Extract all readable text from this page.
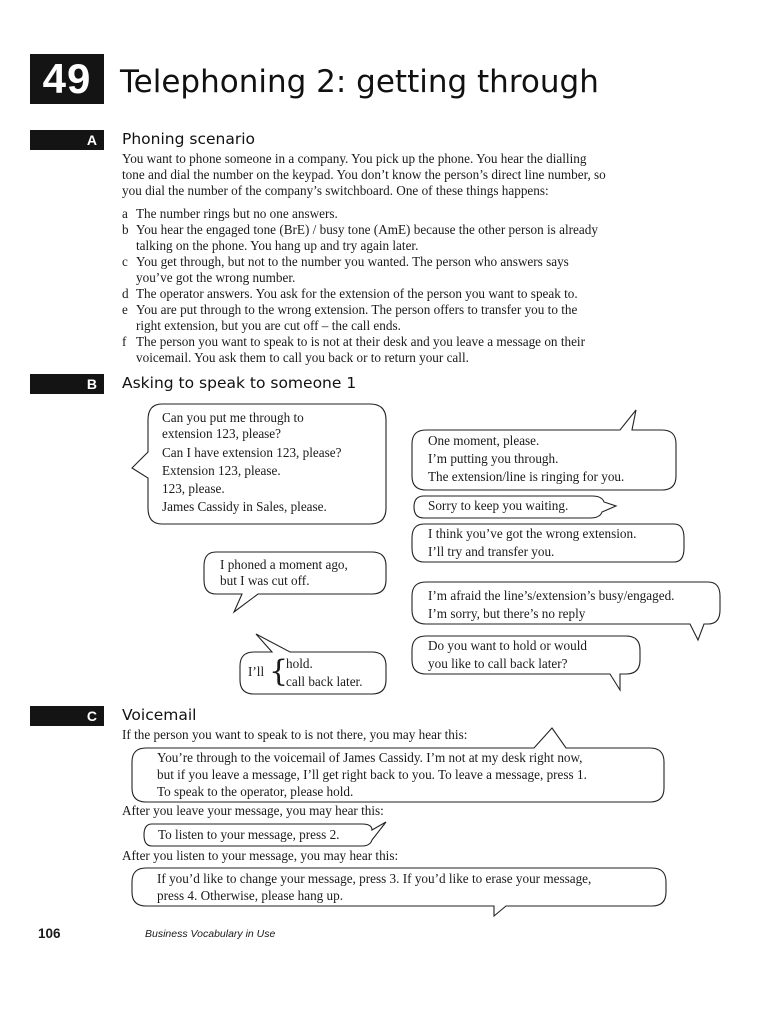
49 Telephoning 2: getting through
A	Phoning scenario
You want to phone someone in a company. You pick up the phone. You hear the dialling
tone and dial the number on the keypad. You don’t know the person’s direct line number, so
you dial the number of the company’s switchboard. One of these things happens:
a The number rings but no one answers.
b You hear the engaged tone (BrE) / busy tone (AmE) because the other person is already
talking on the phone. You hang up and try again later.
c You get through, but not to the number you wanted. The person who answers says
you’ve got the wrong number.
d The operator answers. You ask for the extension of the person you want to speak to.
e You are put through to the wrong extension. The person offers to transfer you to the
right extension, but you are cut off – the call ends.
f The person you want to speak to is not at their desk and you leave a message on their
voicemail. You ask them to call you back or to return your call.
B	Asking to speak to someone 1
Can you put me through to
extension 123, please?
Can I have extension 123, please?
Extension 123, please.
123, please.
James Cassidy in Sales, please.
I phoned a moment ago,
but I was cut off.
I’ll {
hold.
call back later.
One moment, please.
I’m putting you through.
The extension/line is ringing for you.
Sorry to keep you waiting.
I think you’ve got the wrong extension.
I’ll try and transfer you.
I’m afraid the line’s/extension’s busy/engaged.
I’m sorry, but there’s no reply
Do you want to hold or would
you like to call back later?
C	Voicemail
If the person you want to speak to is not there, you may hear this:
You’re through to the voicemail of James Cassidy. I’m not at my desk right now,
but if you leave a message, I’ll get right back to you. To leave a message, press 1.
To speak to the operator, please hold.
After you leave your message, you may hear this:
To listen to your message, press 2.
After you listen to your message, you may hear this:
If you’d like to change your message, press 3. If you’d like to erase your message,
press 4. Otherwise, please hang up.
106	Business Vocabulary in Use
